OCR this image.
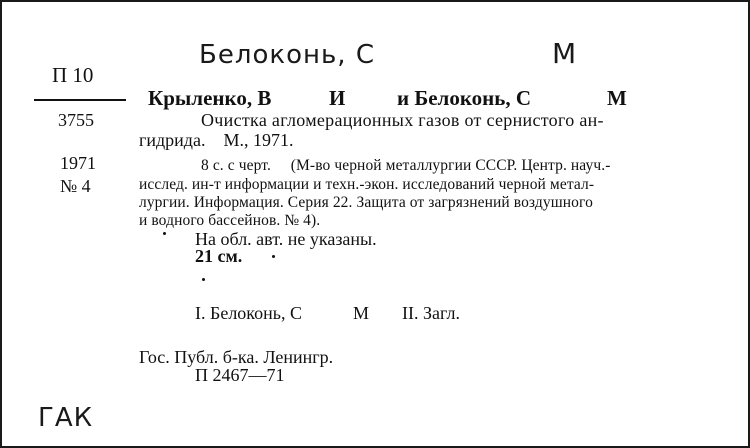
Белоконь, С	М
П 10
Крыленко, В	И и Белоконь, С	М
3755	Очистка агломерационных газов от сернистого ан-
гидрида.    М., 1971.
1971
№ 4
8 с. с черт.     (М-во черной металлургии СССР. Центр. науч.-
исслед. ин-т информации и техн.-экон. исследований черной метал-
лургии. Информация. Серия 22. Защита от загрязнений воздушного
и водного бассейнов. № 4).
На обл. авт. не указаны.
21 см.
I. Белоконь, С	М II. Загл.
Гос. Публ. б-ка. Ленингр.
П 2467—71
ГАК
